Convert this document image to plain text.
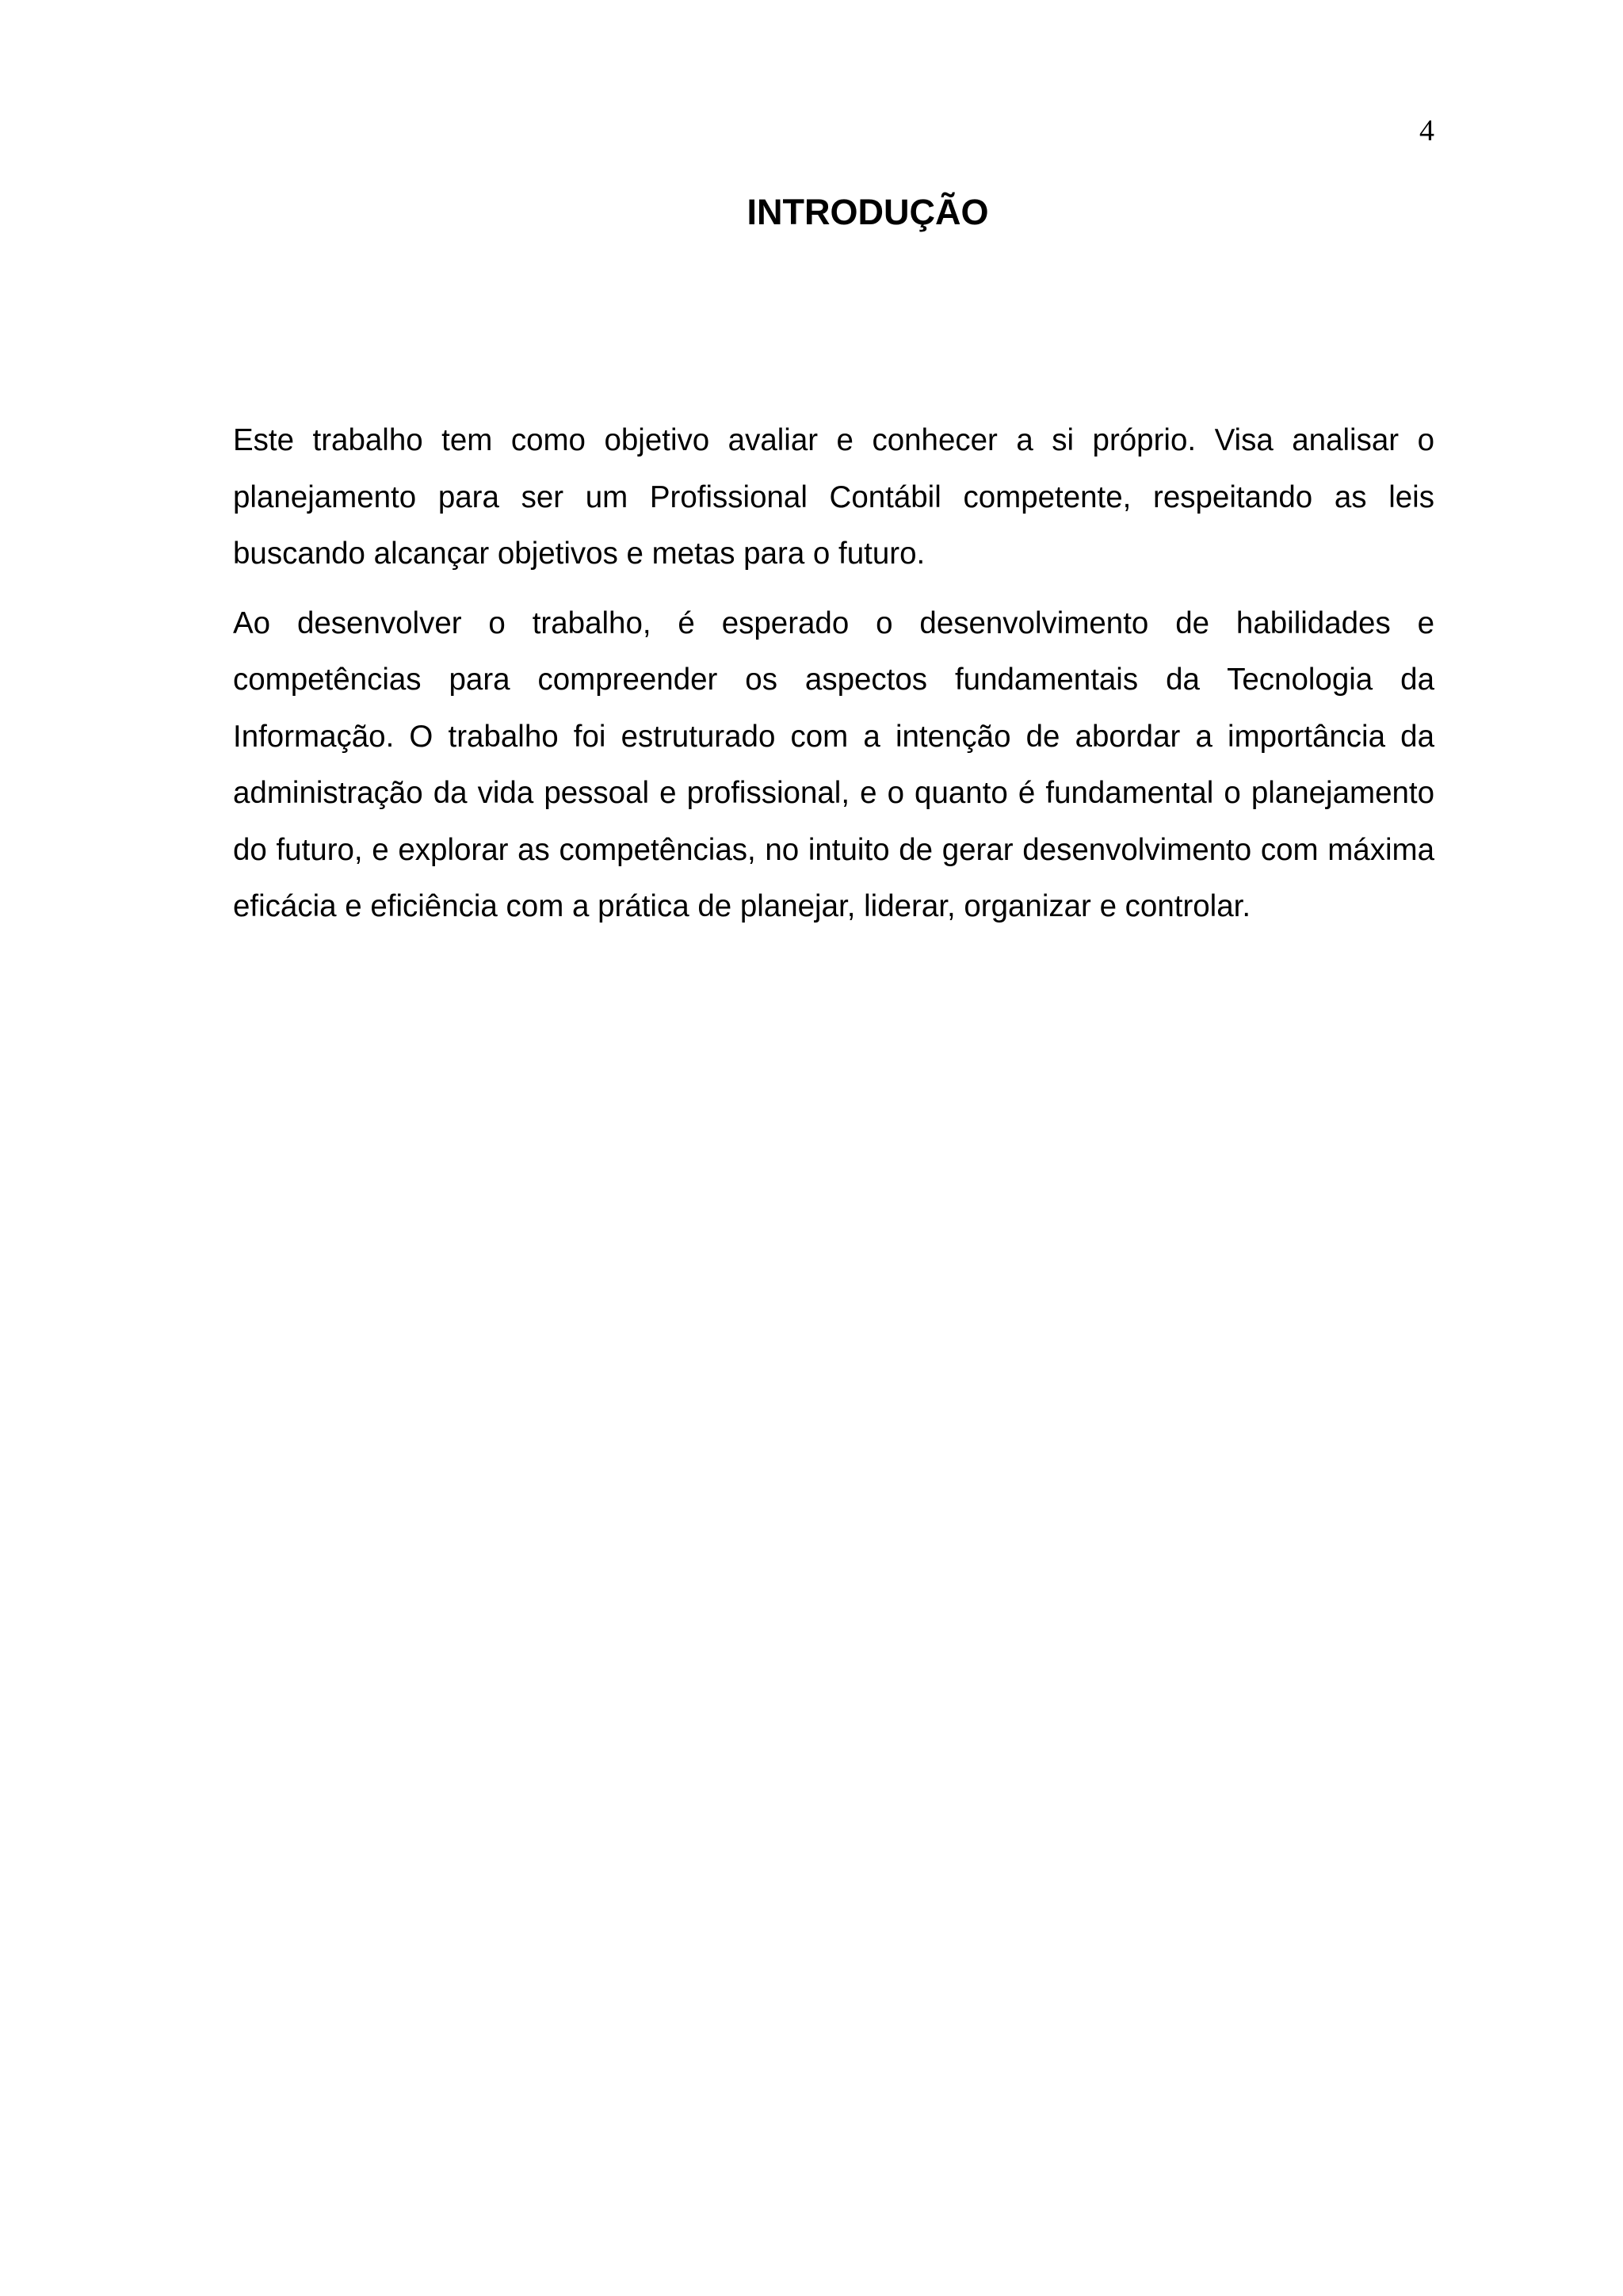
4
INTRODUÇÃO

Este trabalho tem como objetivo avaliar e conhecer a si próprio. Visa analisar o planejamento para ser um Profissional Contábil competente, respeitando as leis buscando alcançar objetivos e metas para o futuro.

Ao desenvolver o trabalho, é esperado o desenvolvimento de habilidades e competências para compreender os aspectos fundamentais da Tecnologia da Informação. O trabalho foi estruturado com a intenção de abordar a importância da administração da vida pessoal e profissional, e o quanto é fundamental o planejamento do futuro, e explorar as competências, no intuito de gerar desenvolvimento com máxima eficácia e eficiência com a prática de planejar, liderar, organizar e controlar.
